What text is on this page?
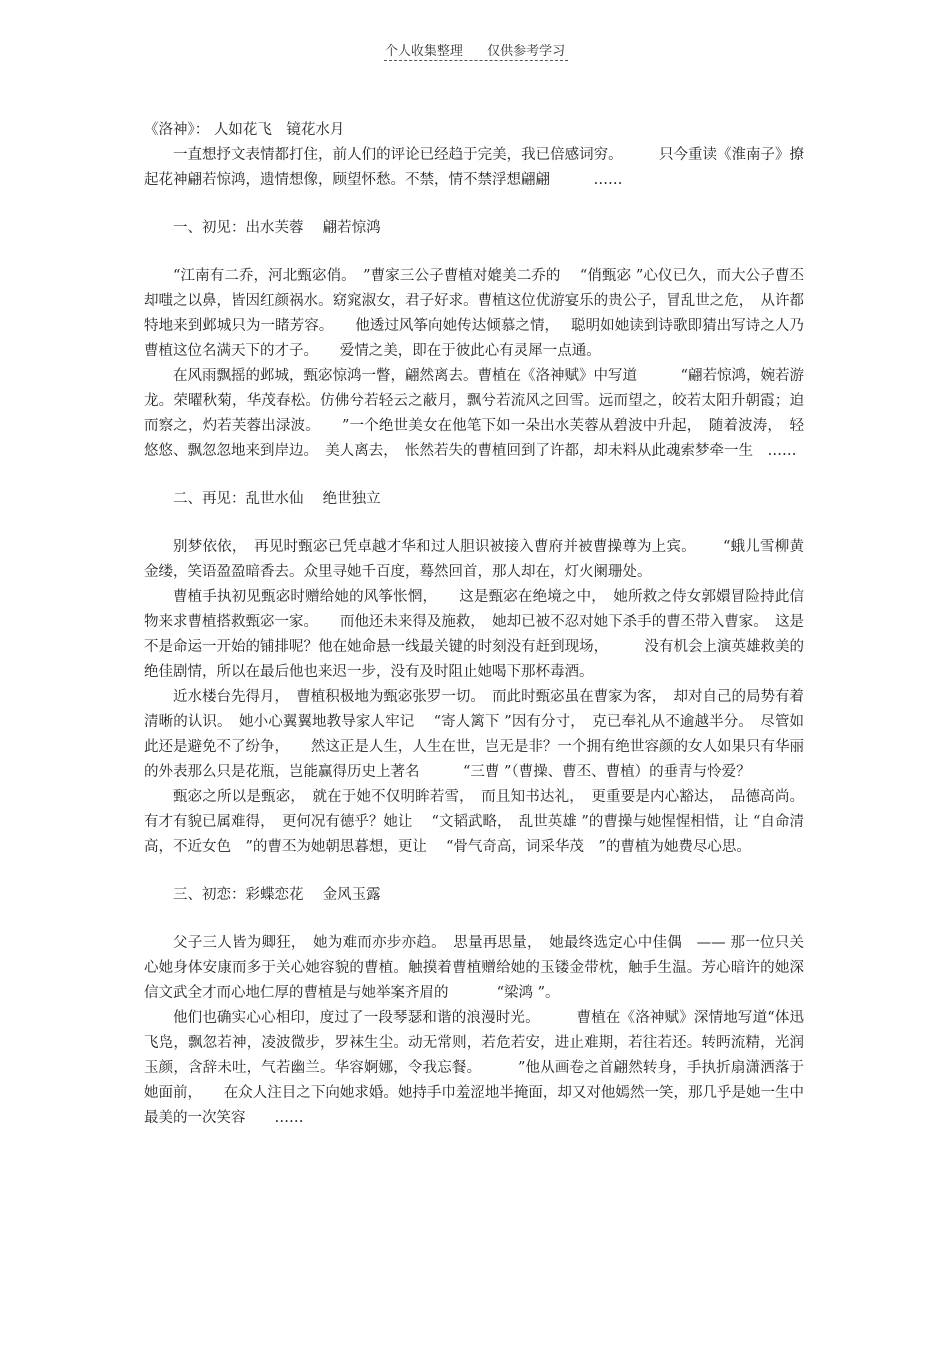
个人收集整理 仅供参考学习

《洛神》： 人如花飞　镜花水月

一直想抒文表情都打住，前人们的评论已经趋于完美，我已倍感词穷。　　　只今重读《淮南子》撩起花神翩若惊鸿，遗情想像，顾望怀愁。不禁，情不禁浮想翩翩　　　……

一、初见：出水芙蓉　 翩若惊鸿

“江南有二乔，河北甄宓俏。　”曹家三公子曹植对媲美二乔的　 “俏甄宓 ”心仪已久，而大公子曹丕却嗤之以鼻，皆因红颜祸水。窈窕淑女，君子好求。曹植这位优游宴乐的贵公子，冒乱世之危，　从许都特地来到邺城只为一睹芳容。　　他透过风筝向她传达倾慕之情，　 聪明如她读到诗歌即猜出写诗之人乃曹植这位名满天下的才子。　　爱情之美，即在于彼此心有灵犀一点通。

在风雨飘摇的邺城，甄宓惊鸿一瞥，翩然离去。曹植在《洛神赋》中写道　　　“翩若惊鸿，婉若游龙。荣曜秋菊，华茂春松。仿佛兮若轻云之蔽月，飘兮若流风之回雪。远而望之，皎若太阳升朝霞；迫而察之，灼若芙蓉出渌波。　　”一个绝世美女在他笔下如一朵出水芙蓉从碧波中升起，　随着波涛，　轻悠悠、飘忽忽地来到岸边。　美人离去，　怅然若失的曹植回到了许都，却未料从此魂索梦牵一生　……

二、再见：乱世水仙　 绝世独立

别梦依依，　再见时甄宓已凭卓越才华和过人胆识被接入曹府并被曹操尊为上宾。　　 “蛾儿雪柳黄金缕，笑语盈盈暗香去。众里寻她千百度，蓦然回首，那人却在，灯火阑珊处。

曹植手执初见甄宓时赠给她的风筝怅惘，　　这是甄宓在绝境之中，　她所救之侍女郭嬛冒险持此信物来求曹植搭救甄宓一家。　　而他还未来得及施救，　她却已被不忍对她下杀手的曹丕带入曹家。　这是不是命运一开始的铺排呢？他在她命悬一线最关键的时刻没有赶到现场，　　　没有机会上演英雄救美的绝佳剧情，所以在最后他也来迟一步，没有及时阻止她喝下那杯毒酒。

近水楼台先得月，　曹植积极地为甄宓张罗一切。　而此时甄宓虽在曹家为客，　却对自己的局势有着清晰的认识。　她小心翼翼地教导家人牢记　 “寄人篱下 ”因有分寸，　克已奉礼从不逾越半分。　尽管如此还是避免不了纷争，　　然这正是人生，人生在世，岂无是非？一个拥有绝世容颜的女人如果只有华丽的外表那么只是花瓶，岂能赢得历史上著名　　　“三曹 ”（曹操、曹丕、曹植）的垂青与怜爱？

甄宓之所以是甄宓，　就在于她不仅明眸若雪，　而且知书达礼，　更重要是内心豁达，　品德高尚。有才有貌已属难得，　更何况有德乎？她让　 “文韬武略，　乱世英雄 ”的曹操与她惺惺相惜，让 “自命清高，不近女色　”的曹丕为她朝思暮想，更让　 “骨气奇高，词采华茂　”的曹植为她费尽心思。

三、初恋：彩蝶恋花　 金风玉露

父子三人皆为卿狂，　她为难而亦步亦趋。　思量再思量，　她最终选定心中佳偶　—— 那一位只关心她身体安康而多于关心她容貌的曹植。触摸着曹植赠给她的玉镂金带枕，触手生温。芳心暗许的她深信文武全才而心地仁厚的曹植是与她举案齐眉的　　　 “梁鸿 ”。

他们也确实心心相印，度过了一段琴瑟和谐的浪漫时光。　　　曹植在《洛神赋》深情地写道“体迅飞凫，飘忽若神，凌波微步，罗袜生尘。动无常则，若危若安，进止难期，若往若还。转眄流精，光润玉颜，含辞未吐，气若幽兰。华容婀娜，令我忘餐。　　　”他从画卷之首翩然转身，手执折扇潇洒落于她面前，　　在众人注目之下向她求婚。她持手巾羞涩地半掩面，却又对他嫣然一笑，那几乎是她一生中最美的一次笑容　　……
